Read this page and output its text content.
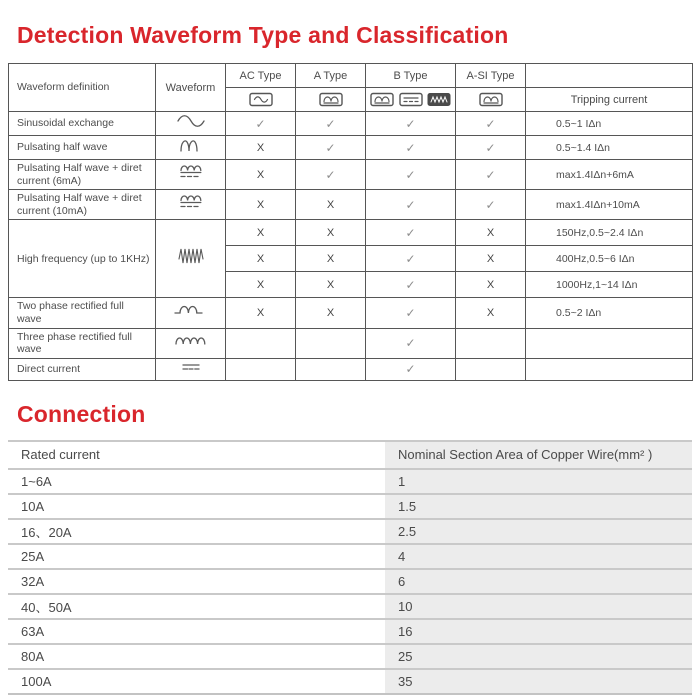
Detection Waveform Type and Classification
Waveform definition	Waveform	AC Type	A Type	B Type	A-SI Type	
				Tripping current
Sinusoidal exchange		✓	✓	✓	✓	0.5~1 IΔn
Pulsating half wave		X	✓	✓	✓	0.5~1.4 IΔn
Pulsating Half wave + diret current (6mA)		X	✓	✓	✓	max1.4IΔn+6mA
Pulsating Half wave + diret current (10mA)		X	X	✓	✓	max1.4IΔn+10mA
High frequency (up to 1KHz)		X	X	✓	X	150Hz,0.5~2.4 IΔn
		X	X	✓	X	400Hz,0.5~6 IΔn
		X	X	✓	X	1000Hz,1~14 IΔn
Two phase rectified full wave		X	X	✓	X	0.5~2 IΔn
Three phase rectified full wave				✓		
Direct current				✓		
Connection
Rated current	Nominal Section Area of Copper Wire(mm² )
1~6A	1
10A	1.5
16、20A	2.5
25A	4
32A	6
40、50A	10
63A	16
80A	25
100A	35
